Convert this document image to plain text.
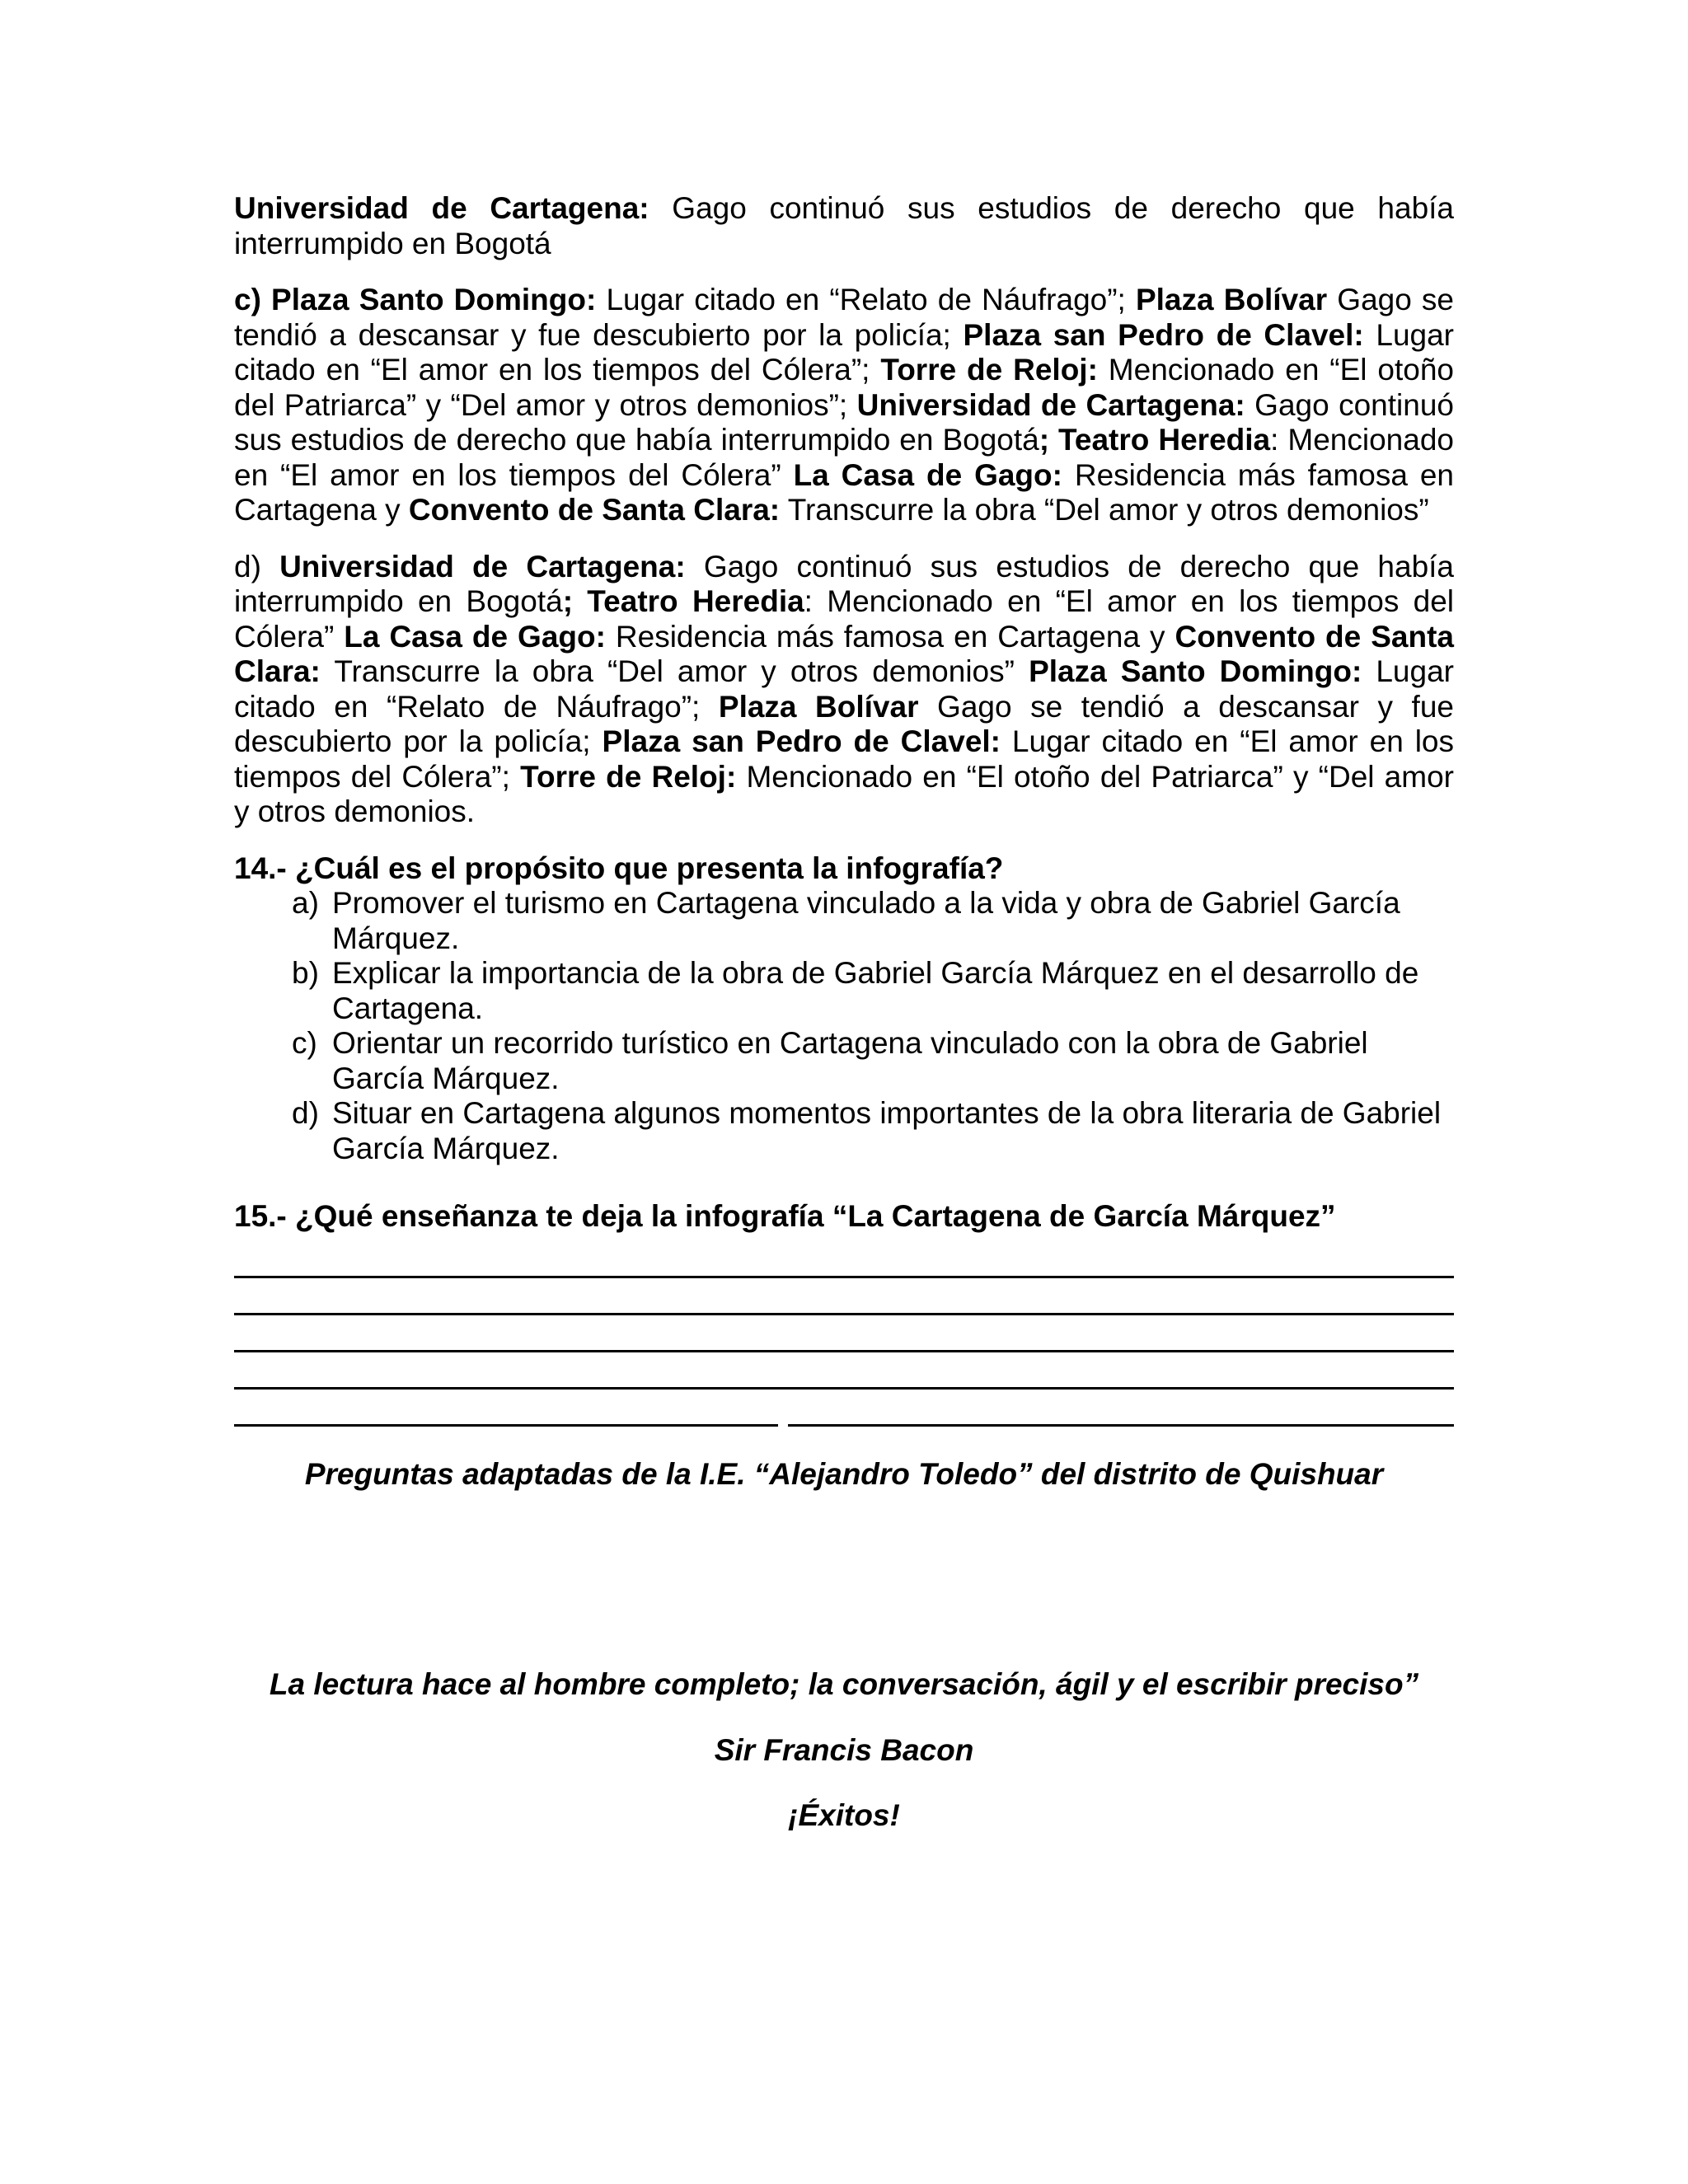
Universidad de Cartagena: Gago continuó sus estudios de derecho que había interrumpido en Bogotá

c) Plaza Santo Domingo: Lugar citado en “Relato de Náufrago”; Plaza Bolívar Gago se tendió a descansar y fue descubierto por la policía; Plaza san Pedro de Clavel: Lugar citado en “El amor en los tiempos del Cólera”; Torre de Reloj: Mencionado en “El otoño del Patriarca” y “Del amor y otros demonios”; Universidad de Cartagena: Gago continuó sus estudios de derecho que había interrumpido en Bogotá; Teatro Heredia: Mencionado en “El amor en los tiempos del Cólera” La Casa de Gago: Residencia más famosa en Cartagena y Convento de Santa Clara: Transcurre la obra “Del amor y otros demonios”

d) Universidad de Cartagena: Gago continuó sus estudios de derecho que había interrumpido en Bogotá; Teatro Heredia: Mencionado en “El amor en los tiempos del Cólera” La Casa de Gago: Residencia más famosa en Cartagena y Convento de Santa Clara: Transcurre la obra “Del amor y otros demonios” Plaza Santo Domingo: Lugar citado en “Relato de Náufrago”; Plaza Bolívar Gago se tendió a descansar y fue descubierto por la policía; Plaza san Pedro de Clavel: Lugar citado en “El amor en los tiempos del Cólera”; Torre de Reloj: Mencionado en “El otoño del Patriarca” y “Del amor y otros demonios.

14.- ¿Cuál es el propósito que presenta la infografía?

a) Promover el turismo en Cartagena vinculado a la vida y obra de Gabriel García Márquez.
b) Explicar la importancia de la obra de Gabriel García Márquez en el desarrollo de Cartagena.
c) Orientar un recorrido turístico en Cartagena vinculado con la obra de Gabriel García Márquez.
d) Situar en Cartagena algunos momentos importantes de la obra literaria de Gabriel García Márquez.

15.- ¿Qué enseñanza te deja la infografía “La Cartagena de García Márquez”

Preguntas adaptadas de la I.E. “Alejandro Toledo” del distrito de Quishuar

La lectura hace al hombre completo; la conversación, ágil y el escribir preciso”

Sir Francis Bacon

¡Éxitos!
